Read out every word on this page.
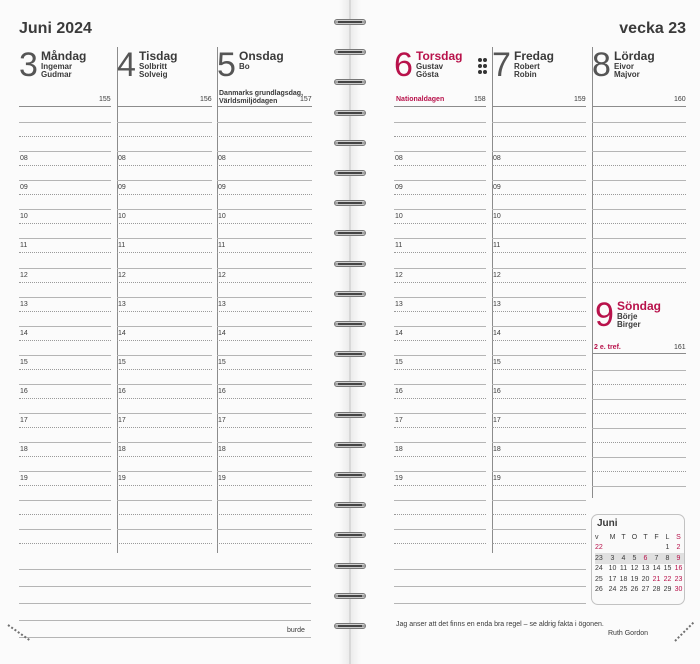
Juni 2024	vecka 23
3 Måndag
Ingemar
Gudmar
155
4 Tisdag
Solbritt
Solveig
156
5 Onsdag
Bo
157
Danmarks grundlagsdag, Världsmiljödagen
6 Torsdag
Gustav
Gösta
158
Nationaldagen
7 Fredag
Robert
Robin
159
8 Lördag
Eivor
Majvor
160
9 Söndag
Börje
Birger
161
2 e. tref.
08
09
10
11
12
13
14
15
16
17
18
19
08
09
10
11
12
13
14
15
16
17
18
19
08
09
10
11
12
13
14
15
16
17
18
19
08
09
10
11
12
13
14
15
16
17
18
19
08
09
10
11
12
13
14
15
16
17
18
19
Juni
v	M	T	O	T	F	L	S
22						1	2
23	3	4	5	6	7	8	9
24	10	11	12	13	14	15	16
25	17	18	19	20	21	22	23
26	24	25	26	27	28	29	30
Jag anser att det finns en enda bra regel – se aldrig fakta i ögonen.
Ruth Gordon
burde
